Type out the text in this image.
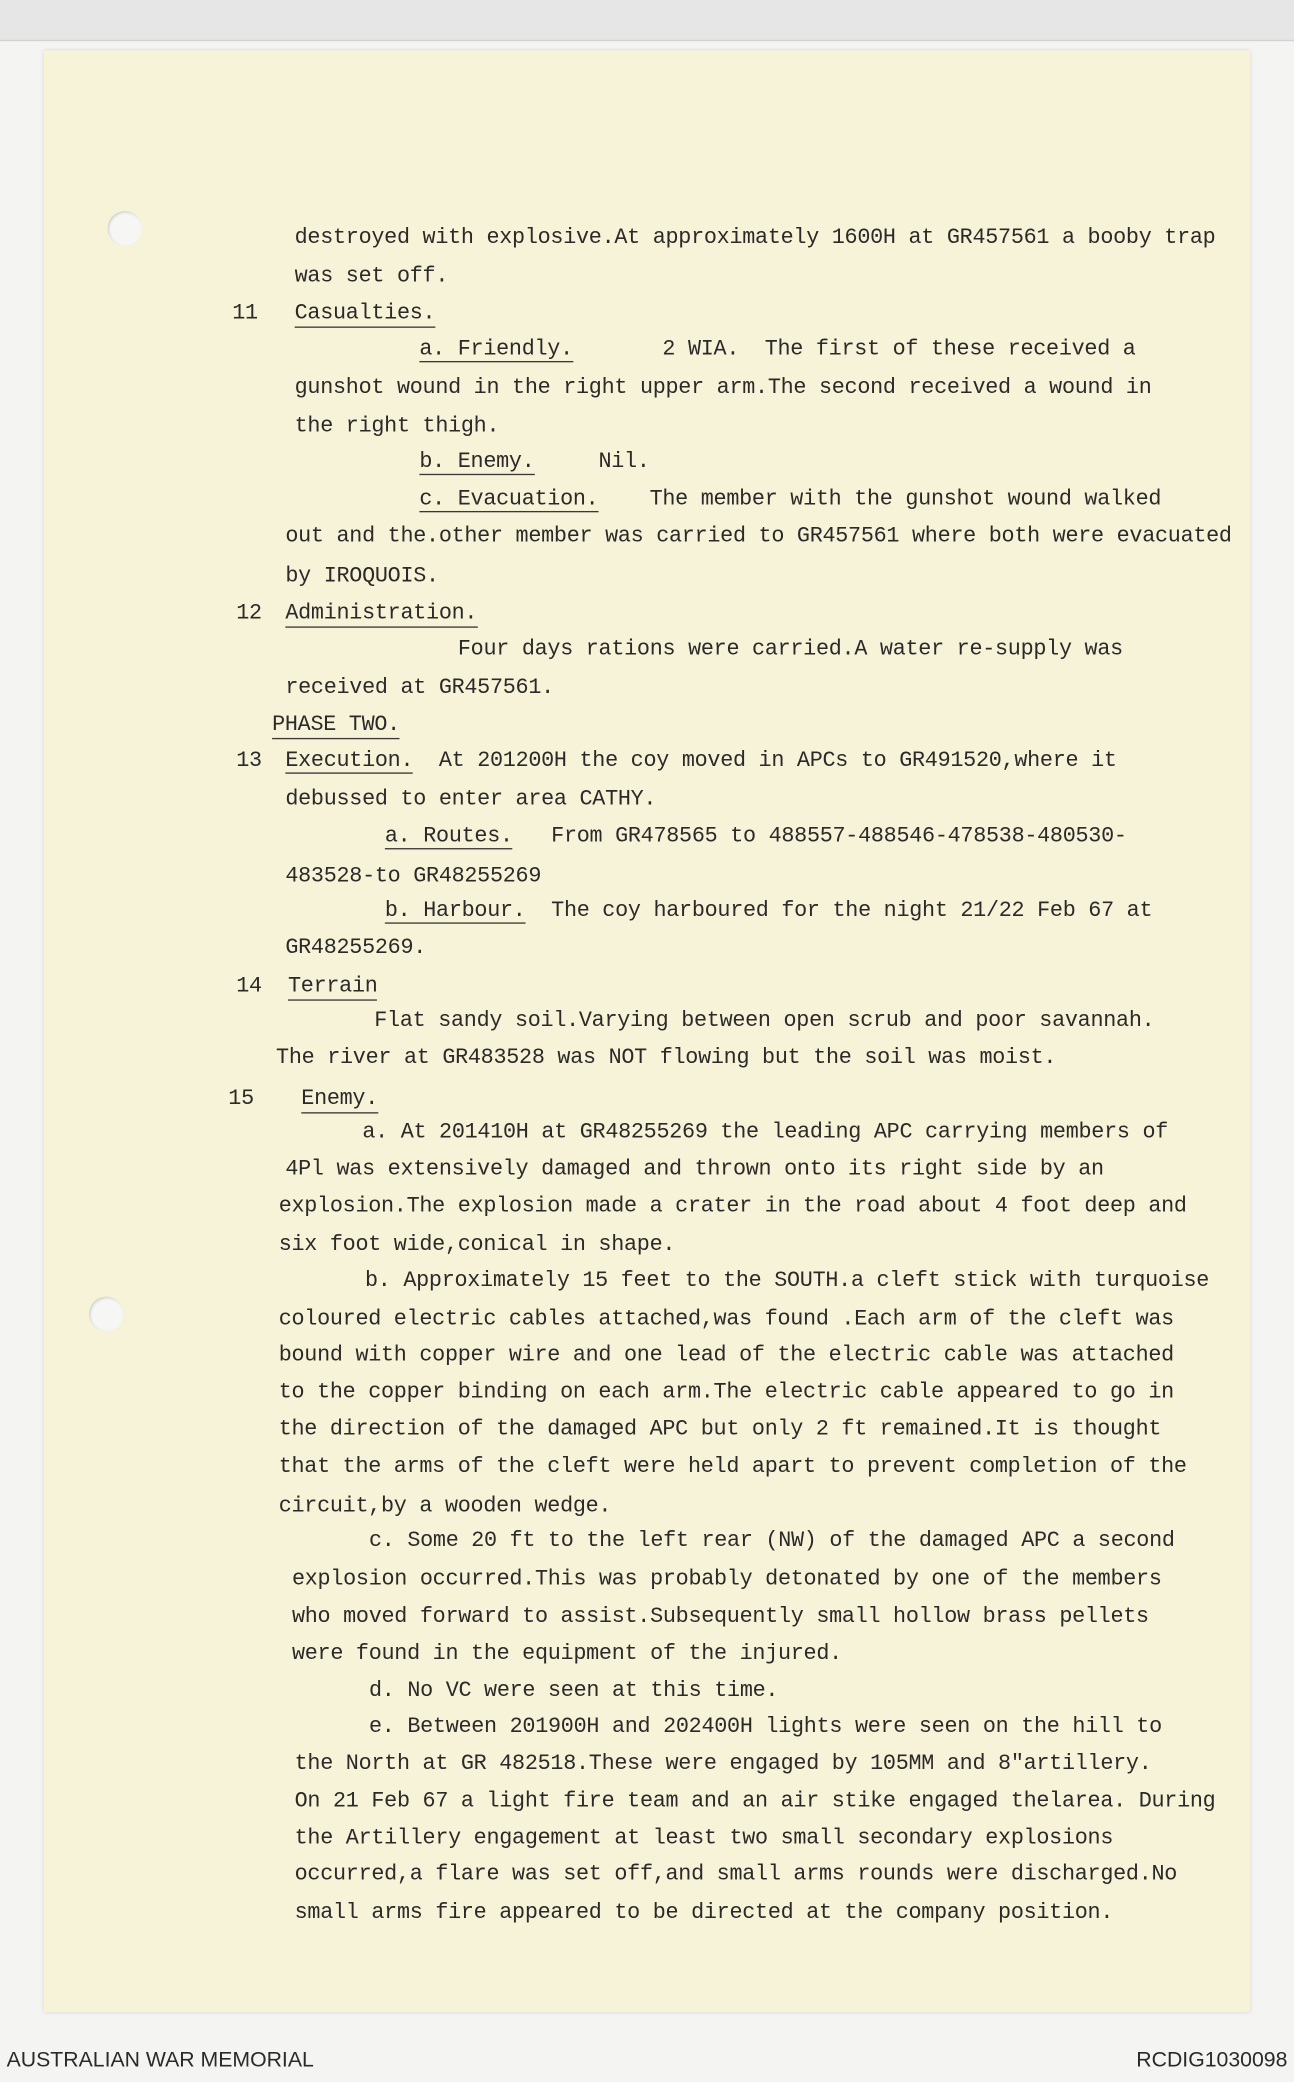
destroyed with explosive.At approximately 1600H at GR457561 a booby trap
was set off.
11 Casualties.
a. Friendly.       2 WIA.  The first of these received a
gunshot wound in the right upper arm.The second received a wound in
the right thigh.
b. Enemy.     Nil.
c. Evacuation.    The member with the gunshot wound walked
out and the.other member was carried to GR457561 where both were evacuated
by IROQUOIS.
12 Administration.
Four days rations were carried.A water re-supply was
received at GR457561.
PHASE TWO.
13 Execution.  At 201200H the coy moved in APCs to GR491520,where it
debussed to enter area CATHY.
a. Routes.   From GR478565 to 488557-488546-478538-480530-
483528-to GR48255269
b. Harbour.  The coy harboured for the night 21/22 Feb 67 at
GR48255269.
14 Terrain
Flat sandy soil.Varying between open scrub and poor savannah.
The river at GR483528 was NOT flowing but the soil was moist.
15	Enemy.
a. At 201410H at GR48255269 the leading APC carrying members of
4Pl was extensively damaged and thrown onto its right side by an
explosion.The explosion made a crater in the road about 4 foot deep and
six foot wide,conical in shape.
b. Approximately 15 feet to the SOUTH.a cleft stick with turquoise
coloured electric cables attached,was found .Each arm of the cleft was
bound with copper wire and one lead of the electric cable was attached
to the copper binding on each arm.The electric cable appeared to go in
the direction of the damaged APC but only 2 ft remained.It is thought
that the arms of the cleft were held apart to prevent completion of the
circuit,by a wooden wedge.
c. Some 20 ft to the left rear (NW) of the damaged APC a second
explosion occurred.This was probably detonated by one of the members
who moved forward to assist.Subsequently small hollow brass pellets
were found in the equipment of the injured.
d. No VC were seen at this time.
e. Between 201900H and 202400H lights were seen on the hill to
the North at GR 482518.These were engaged by 105MM and 8"artillery.
On 21 Feb 67 a light fire team and an air stike engaged thelarea. During
the Artillery engagement at least two small secondary explosions
occurred,a flare was set off,and small arms rounds were discharged.No
small arms fire appeared to be directed at the company position.
AUSTRALIAN WAR MEMORIAL	RCDIG1030098
